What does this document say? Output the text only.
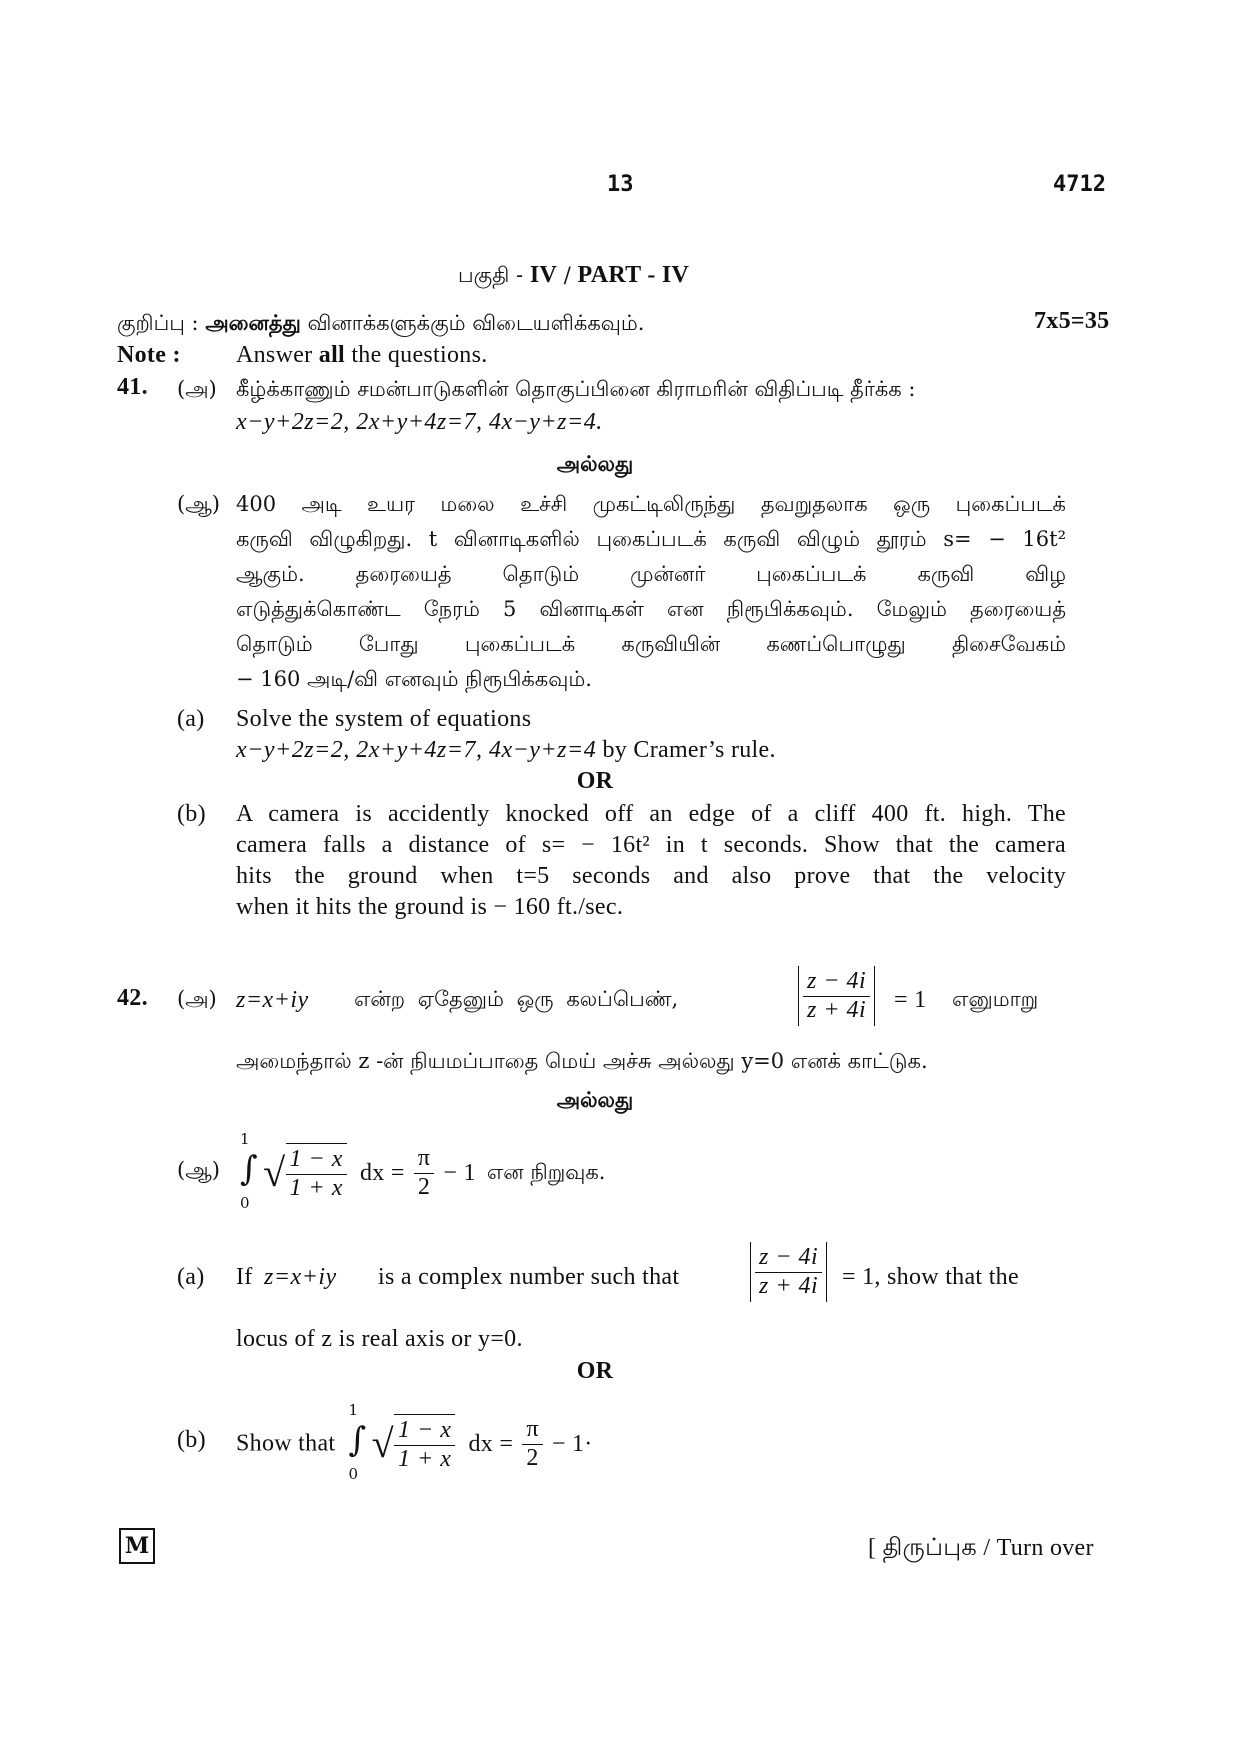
13	4712
பகுதி - IV / PART - IV
குறிப்பு : அனைத்து வினாக்களுக்கும் விடையளிக்கவும்.	7x5=35
Note : Answer all the questions.
41. (அ) கீழ்க்காணும் சமன்பாடுகளின் தொகுப்பினை கிராமரின் விதிப்படி தீர்க்க :
x−y+2z=2, 2x+y+4z=7, 4x−y+z=4.
அல்லது
(ஆ) 400 அடி உயர மலை உச்சி முகட்டிலிருந்து தவறுதலாக ஒரு புகைப்படக்
கருவி விழுகிறது. t வினாடிகளில் புகைப்படக் கருவி விழும் தூரம் s= − 16t²
ஆகும். தரையைத் தொடும் முன்னர் புகைப்படக் கருவி விழ
எடுத்துக்கொண்ட நேரம் 5 வினாடிகள் என நிரூபிக்கவும். மேலும் தரையைத்
தொடும் போது புகைப்படக் கருவியின் கணப்பொழுது திசைவேகம்
− 160 அடி/வி எனவும் நிரூபிக்கவும்.
(a) Solve the system of equations
x−y+2z=2, 2x+y+4z=7, 4x−y+z=4 by Cramer’s rule.
OR
(b) A camera is accidently knocked off an edge of a cliff 400 ft. high. The
camera falls a distance of s= − 16t² in t seconds. Show that the camera
hits the ground when t=5 seconds and also prove that the velocity
when it hits the ground is − 160 ft./sec.
42. (அ) z=x+iy என்ற ஏதேனும் ஒரு கலப்பெண்,	$\frac{z - 4i}{z + 4i} = 1$ எனுமாறு
அமைந்தால் z -ன் நியமப்பாதை மெய் அச்சு அல்லது y=0 எனக் காட்டுக.
அல்லது
(ஆ)
1
∫
0
√ $\frac{1 - x}{1 + x}$ dx = $\frac{\pi}{2} - 1$ என நிறுவுக.
(a) If z=x+iy is a complex number such that	$\frac{z - 4i}{z + 4i} = 1$, show that the
locus of z is real axis or y=0.
OR
(b) Show that
1
∫
0
√ $\frac{1 - x}{1 + x}$ dx = $\frac{\pi}{2} - 1\cdot$
M	[ திருப்புக / Turn over
